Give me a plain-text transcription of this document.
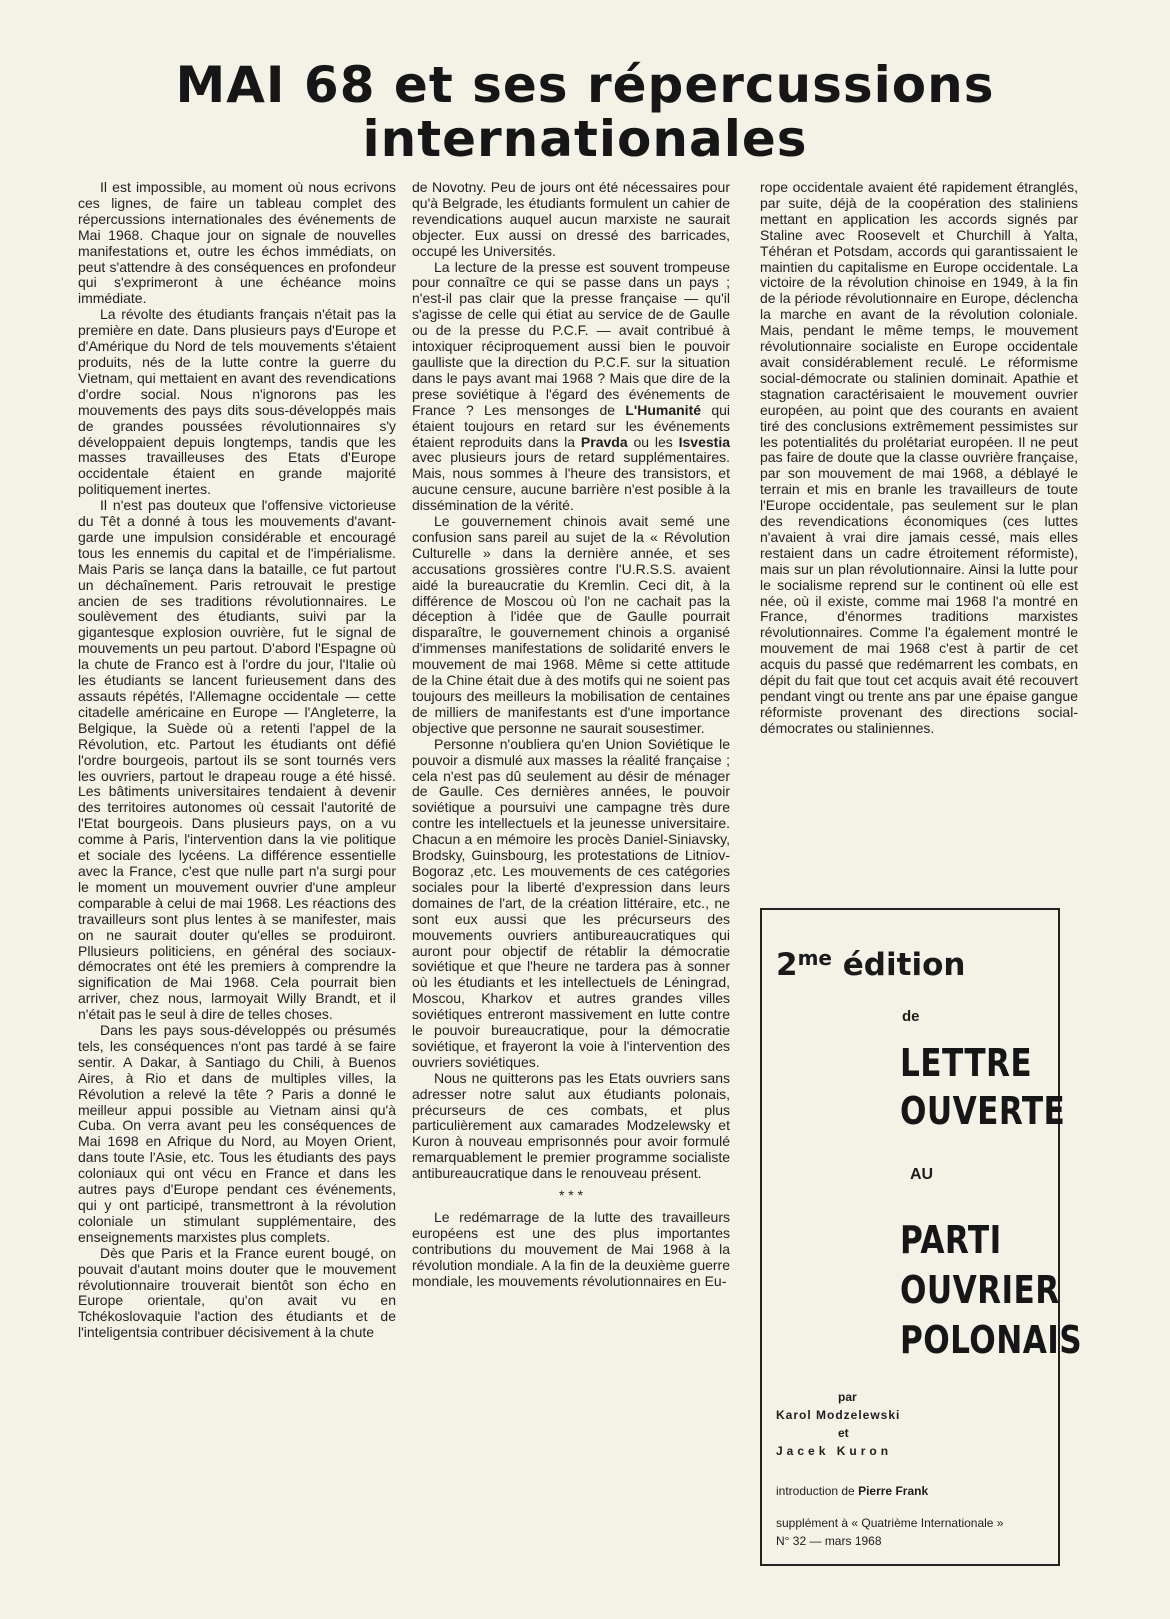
MAI 68 et ses répercussions
internationales

Il est impossible, au moment où nous ecrivons ces lignes, de faire un tableau complet des répercussions internationales des événements de Mai 1968. Chaque jour on signale de nouvelles manifestations et, outre les échos immédiats, on peut s'attendre à des conséquences en profondeur qui s'exprimeront à une échéance moins immédiate.

La révolte des étudiants français n'était pas la première en date. Dans plusieurs pays d'Europe et d'Amérique du Nord de tels mouvements s'étaient produits, nés de la lutte contre la guerre du Vietnam, qui mettaient en avant des revendications d'ordre social. Nous n'ignorons pas les mouvements des pays dits sous-développés mais de grandes poussées révolutionnaires s'y développaient depuis longtemps, tandis que les masses travailleuses des Etats d'Europe occidentale étaient en grande majorité politiquement inertes.

Il n'est pas douteux que l'offensive victorieuse du Têt a donné à tous les mouvements d'avant-garde une impulsion considérable et encouragé tous les ennemis du capital et de l'impérialisme. Mais Paris se lança dans la bataille, ce fut partout un déchaînement. Paris retrouvait le prestige ancien de ses traditions révolutionnaires. Le soulèvement des étudiants, suivi par la gigantesque explosion ouvrière, fut le signal de mouvements un peu partout. D'abord l'Espagne où la chute de Franco est à l'ordre du jour, l'Italie où les étudiants se lancent furieusement dans des assauts répétés, l'Allemagne occidentale — cette citadelle américaine en Europe — l'Angleterre, la Belgique, la Suède où a retenti l'appel de la Révolution, etc. Partout les étudiants ont défié l'ordre bourgeois, partout ils se sont tournés vers les ouvriers, partout le drapeau rouge a été hissé. Les bâtiments universitaires tendaient à devenir des territoires autonomes où cessait l'autorité de l'Etat bourgeois. Dans plusieurs pays, on a vu comme à Paris, l'intervention dans la vie politique et sociale des lycéens. La différence essentielle avec la France, c'est que nulle part n'a surgi pour le moment un mouvement ouvrier d'une ampleur comparable à celui de mai 1968. Les réactions des travailleurs sont plus lentes à se manifester, mais on ne saurait douter qu'elles se produiront. Pllusieurs politiciens, en général des sociaux-démocrates ont été les premiers à comprendre la signification de Mai 1968. Cela pourrait bien arriver, chez nous, larmoyait Willy Brandt, et il n'était pas le seul à dire de telles choses.

Dans les pays sous-développés ou présumés tels, les conséquences n'ont pas tardé à se faire sentir. A Dakar, à Santiago du Chili, à Buenos Aires, à Rio et dans de multiples villes, la Révolution a relevé la tête ? Paris a donné le meilleur appui possible au Vietnam ainsi qu'à Cuba. On verra avant peu les conséquences de Mai 1698 en Afrique du Nord, au Moyen Orient, dans toute l'Asie, etc. Tous les étudiants des pays coloniaux qui ont vécu en France et dans les autres pays d'Europe pendant ces événements, qui y ont participé, transmettront à la révolution coloniale un stimulant supplémentaire, des enseignements marxistes plus complets.

Dès que Paris et la France eurent bougé, on pouvait d'autant moins douter que le mouvement révolutionnaire trouverait bientôt son écho en Europe orientale, qu'on avait vu en Tchékoslovaquie l'action des étudiants et de l'inteligentsia contribuer décisivement à la chute

de Novotny. Peu de jours ont été nécessaires pour qu'à Belgrade, les étudiants formulent un cahier de revendications auquel aucun marxiste ne saurait objecter. Eux aussi on dressé des barricades, occupé les Universités.

La lecture de la presse est souvent trompeuse pour connaître ce qui se passe dans un pays ; n'est-il pas clair que la presse française — qu'il s'agisse de celle qui étiat au service de de Gaulle ou de la presse du P.C.F. — avait contribué à intoxiquer réciproquement aussi bien le pouvoir gaulliste que la direction du P.C.F. sur la situation dans le pays avant mai 1968 ? Mais que dire de la prese soviétique à l'égard des événements de France ? Les mensonges de L'Humanité qui étaient toujours en retard sur les événements étaient reproduits dans la Pravda ou les Isvestia avec plusieurs jours de retard supplémentaires. Mais, nous sommes à l'heure des transistors, et aucune censure, aucune barrière n'est posible à la dissémination de la vérité.

Le gouvernement chinois avait semé une confusion sans pareil au sujet de la « Révolution Culturelle » dans la dernière année, et ses accusations grossières contre l'U.R.S.S. avaient aidé la bureaucratie du Kremlin. Ceci dit, à la différence de Moscou où l'on ne cachait pas la déception à l'idée que de Gaulle pourrait disparaître, le gouvernement chinois a organisé d'immenses manifestations de solidarité envers le mouvement de mai 1968. Même si cette attitude de la Chine était due à des motifs qui ne soient pas toujours des meilleurs la mobilisation de centaines de milliers de manifestants est d'une importance objective que personne ne saurait sousestimer.

Personne n'oubliera qu'en Union Soviétique le pouvoir a dismulé aux masses la réalité française ; cela n'est pas dû seulement au désir de ménager de Gaulle. Ces dernières années, le pouvoir soviétique a poursuivi une campagne très dure contre les intellectuels et la jeunesse universitaire. Chacun a en mémoire les procès Daniel-Siniavsky, Brodsky, Guinsbourg, les protestations de Litniov-Bogoraz ,etc. Les mouvements de ces catégories sociales pour la liberté d'expression dans leurs domaines de l'art, de la création littéraire, etc., ne sont eux aussi que les précurseurs des mouvements ouvriers antibureaucratiques qui auront pour objectif de rétablir la démocratie soviétique et que l'heure ne tardera pas à sonner où les étudiants et les intellectuels de Léningrad, Moscou, Kharkov et autres grandes villes soviétiques entreront massivement en lutte contre le pouvoir bureaucratique, pour la démocratie soviétique, et frayeront la voie à l'intervention des ouvriers soviétiques.

Nous ne quitterons pas les Etats ouvriers sans adresser notre salut aux étudiants polonais, précurseurs de ces combats, et plus particulièrement aux camarades Modzelewsky et Kuron à nouveau emprisonnés pour avoir formulé remarquablement le premier programme socialiste antibureaucratique dans le renouveau présent.

* * *

Le redémarrage de la lutte des travailleurs européens est une des plus importantes contributions du mouvement de Mai 1968 à la révolution mondiale. A la fin de la deuxième guerre mondiale, les mouvements révolutionnaires en Eu-

rope occidentale avaient été rapidement étranglés, par suite, déjà de la coopération des staliniens mettant en application les accords signés par Staline avec Roosevelt et Churchill à Yalta, Téhéran et Potsdam, accords qui garantissaient le maintien du capitalisme en Europe occidentale. La victoire de la révolution chinoise en 1949, à la fin de la période révolutionnaire en Europe, déclencha la marche en avant de la révolution coloniale. Mais, pendant le même temps, le mouvement révolutionnaire socialiste en Europe occidentale avait considérablement reculé. Le réformisme social-démocrate ou stalinien dominait. Apathie et stagnation caractérisaient le mouvement ouvrier européen, au point que des courants en avaient tiré des conclusions extrêmement pessimistes sur les potentialités du prolétariat européen. Il ne peut pas faire de doute que la classe ouvrière française, par son mouvement de mai 1968, a déblayé le terrain et mis en branle les travailleurs de toute l'Europe occidentale, pas seulement sur le plan des revendications économiques (ces luttes n'avaient à vrai dire jamais cessé, mais elles restaient dans un cadre étroitement réformiste), mais sur un plan révolutionnaire. Ainsi la lutte pour le socialisme reprend sur le continent où elle est née, où il existe, comme mai 1968 l'a montré en France, d'énormes traditions marxistes révolutionnaires. Comme l'a également montré le mouvement de mai 1968 c'est à partir de cet acquis du passé que redémarrent les combats, en dépit du fait que tout cet acquis avait été recouvert pendant vingt ou trente ans par une épaise gangue réformiste provenant des directions social-démocrates ou staliniennes.

$2^{me}$ édition
de
LETTRE
OUVERTE
AU
PARTI
OUVRIER
POLONAIS
par
Karol Modzelewski
et
Jacek Kuron
introduction de Pierre Frank
supplément à « Quatrième Internationale »
N° 32 — mars 1968
